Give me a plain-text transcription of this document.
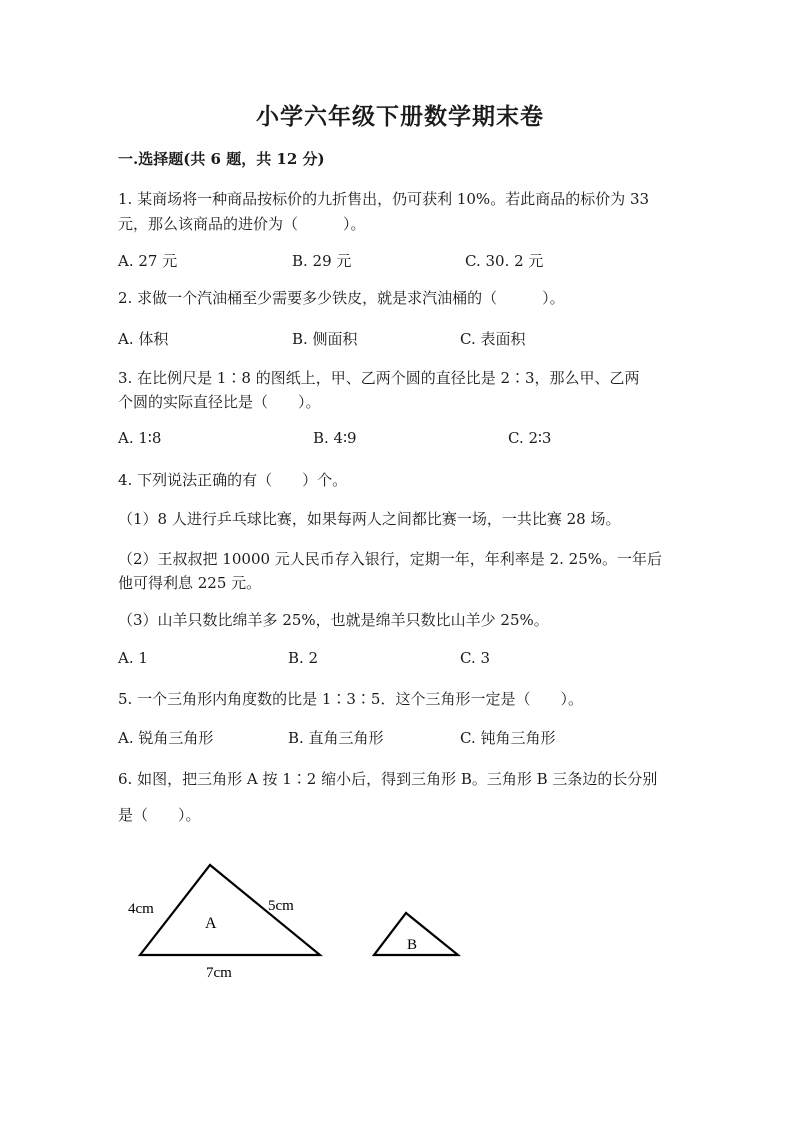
小学六年级下册数学期末卷
一.选择题(共 6 题，共 12 分)
1. 某商场将一种商品按标价的九折售出，仍可获利 10%。若此商品的标价为 33
元，那么该商品的进价为（　　　）。
A. 27 元	B. 29 元	C. 30. 2 元
2. 求做一个汽油桶至少需要多少铁皮，就是求汽油桶的（　　　）。
A. 体积	B. 侧面积	C. 表面积
3. 在比例尺是 1∶8 的图纸上，甲、乙两个圆的直径比是 2∶3，那么甲、乙两
个圆的实际直径比是（　　）。
A. 1∶8	B. 4∶9	C. 2∶3
4. 下列说法正确的有（　　）个。
（1）8 人进行乒乓球比赛，如果每两人之间都比赛一场，一共比赛 28 场。
（2）王叔叔把 10000 元人民币存入银行，定期一年，年利率是 2. 25%。一年后
他可得利息 225 元。
（3）山羊只数比绵羊多 25%，也就是绵羊只数比山羊少 25%。
A. 1	B. 2	C. 3
5. 一个三角形内角度数的比是 1∶3∶5．这个三角形一定是（　　）。
A. 锐角三角形	B. 直角三角形	C. 钝角三角形
6. 如图，把三角形 A 按 1∶2 缩小后，得到三角形 B。三角形 B 三条边的长分别
是（　　）。
4cm	5cm
7cm
A
B
